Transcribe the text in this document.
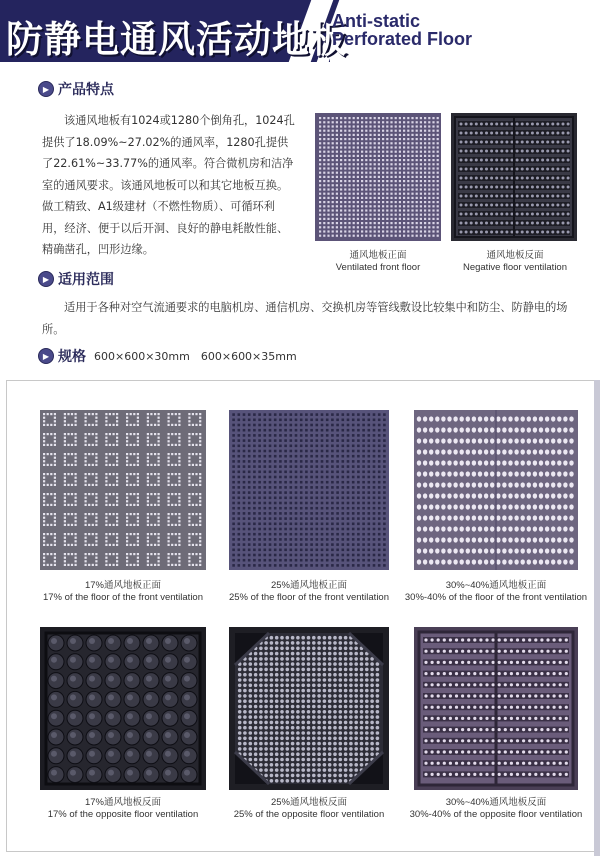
防静电通风活动地板
Anti-static
Perforated Floor
▶ 产品特点
该通风地板有1024或1280个倒角孔，1024孔提供了18.09%~27.02%的通风率，1280孔提供了22.61%~33.77%的通风率。符合微机房和洁净室的通风要求。该通风地板可以和其它地板互换。做工精致、A1级建材（不燃性物质）、可循环利用，经济、便于以后开洞、良好的静电耗散性能、精确凿孔，凹形边缘。	通风地板正面
Ventilated front floor
通风地板反面
Negative floor ventilation
▶ 适用范围
适用于各种对空气流通要求的电脑机房、通信机房、交换机房等管线敷设比较集中和防尘、防静电的场所。
▶ 规格 600×600×30mm　600×600×35mm
17%通风地板正面
17% of the floor of the front ventilation
25%通风地板正面
25% of the floor of the front ventilation
30%~40%通风地板正面
30%-40% of the floor of the front ventilation
17%通风地板反面
17% of the opposite floor ventilation
25%通风地板反面
25% of the opposite floor ventilation
30%~40%通风地板反面
30%-40% of the opposite floor ventilation
